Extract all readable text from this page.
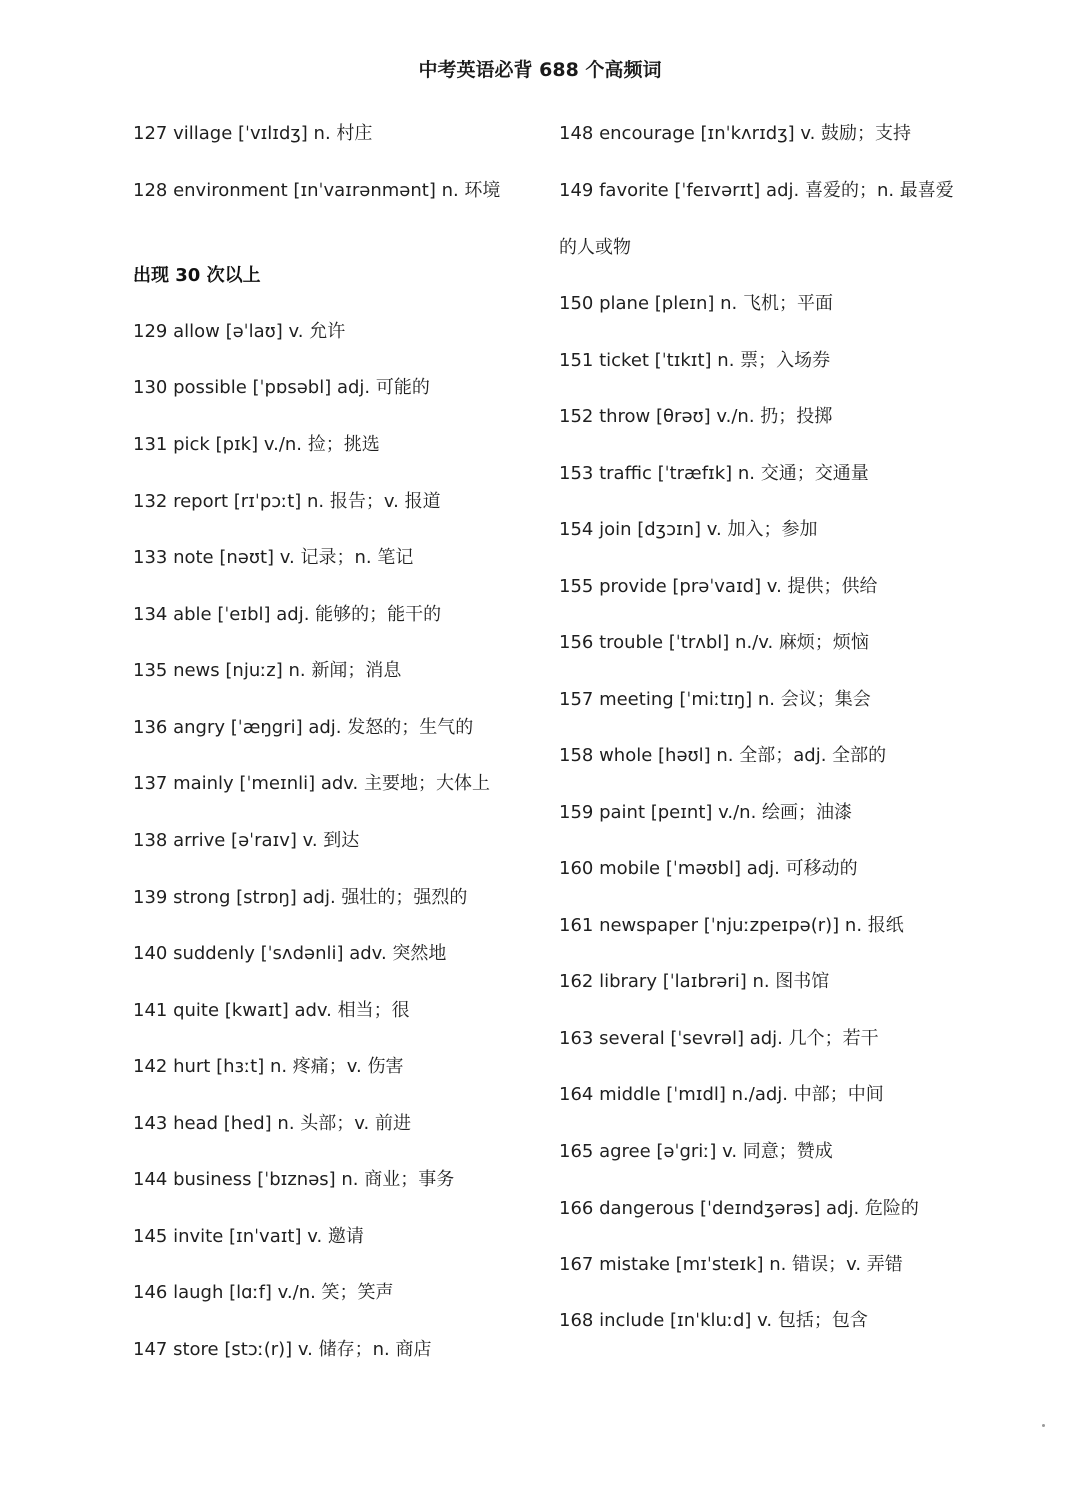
中考英语必背 688 个高频词
127 village [ˈvɪlɪdʒ] n. 村庄
128 environment [ɪnˈvaɪrənmənt] n. 环境
出现 30 次以上
129 allow [əˈlaʊ] v. 允许
130 possible [ˈpɒsəbl] adj. 可能的
131 pick [pɪk] v./n. 捡；挑选
132 report [rɪˈpɔːt] n. 报告；v. 报道
133 note [nəʊt] v. 记录；n. 笔记
134 able [ˈeɪbl] adj. 能够的；能干的
135 news [njuːz] n. 新闻；消息
136 angry [ˈæŋgri] adj. 发怒的；生气的
137 mainly [ˈmeɪnli] adv. 主要地；大体上
138 arrive [əˈraɪv] v. 到达
139 strong [strɒŋ] adj. 强壮的；强烈的
140 suddenly [ˈsʌdənli] adv. 突然地
141 quite [kwaɪt] adv. 相当；很
142 hurt [hɜːt] n. 疼痛；v. 伤害
143 head [hed] n. 头部；v. 前进
144 business [ˈbɪznəs] n. 商业；事务
145 invite [ɪnˈvaɪt] v. 邀请
146 laugh [lɑːf] v./n. 笑；笑声
147 store [stɔː(r)] v. 储存；n. 商店
148 encourage [ɪnˈkʌrɪdʒ] v. 鼓励；支持
149 favorite [ˈfeɪvərɪt] adj. 喜爱的；n. 最喜爱
的人或物
150 plane [pleɪn] n. 飞机；平面
151 ticket [ˈtɪkɪt] n. 票；入场券
152 throw [θrəʊ] v./n. 扔；投掷
153 traffic [ˈtræfɪk] n. 交通；交通量
154 join [dʒɔɪn] v. 加入；参加
155 provide [prəˈvaɪd] v. 提供；供给
156 trouble [ˈtrʌbl] n./v. 麻烦；烦恼
157 meeting [ˈmiːtɪŋ] n. 会议；集会
158 whole [həʊl] n. 全部；adj. 全部的
159 paint [peɪnt] v./n. 绘画；油漆
160 mobile [ˈməʊbl] adj. 可移动的
161 newspaper [ˈnjuːzpeɪpə(r)] n. 报纸
162 library [ˈlaɪbrəri] n. 图书馆
163 several [ˈsevrəl] adj. 几个；若干
164 middle [ˈmɪdl] n./adj. 中部；中间
165 agree [əˈgriː] v. 同意；赞成
166 dangerous [ˈdeɪndʒərəs] adj. 危险的
167 mistake [mɪˈsteɪk] n. 错误；v. 弄错
168 include [ɪnˈkluːd] v. 包括；包含
